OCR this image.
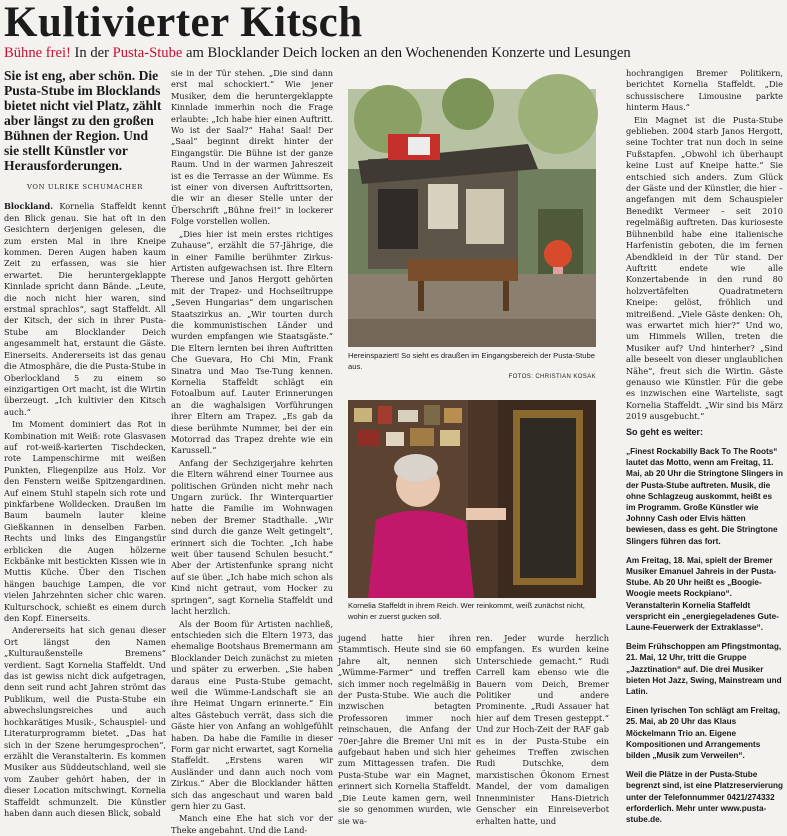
Kultivierter Kitsch
Bühne frei! In der Pusta-Stube am Blocklander Deich locken an den Wochenenden Konzerte und Lesungen
Sie ist eng, aber schön. Die Pusta-Stube im Blocklands bietet nicht viel Platz, zählt aber längst zu den großen Bühnen der Region. Und sie stellt Künstler vor Herausforderungen.
VON ULRIKE SCHUMACHER

Blockland. Kornelia Staffeldt kennt den Blick genau. Sie hat oft in den Gesichtern derjenigen gelesen, die zum ersten Mal in ihre Kneipe kommen. Deren Augen haben kaum Zeit zu erfassen, was sie hier erwartet. Die heruntergeklappte Kinnlade spricht dann Bände. „Leute, die noch nicht hier waren, sind erstmal sprachlos“, sagt Staffeldt. All der Kitsch, der sich in ihrer Pusta-Stube am Blocklander Deich angesammelt hat, erstaunt die Gäste. Einerseits. Andererseits ist das genau die Atmosphäre, die die Pusta-Stube in Oberlockland 5 zu einem so einzigartigen Ort macht, ist die Wirtin überzeugt. „Ich kultivier den Kitsch auch.“

Im Moment dominiert das Rot in Kombination mit Weiß: rote Glasvasen auf rot-weiß-karierten Tischdecken, rote Lampenschirme mit weißen Punkten, Fliegenpilze aus Holz. Vor den Fenstern weiße Spitzengardinen. Auf einem Stuhl stapeln sich rote und pinkfarbene Wolldecken. Draußen im Baum baumeln lauter kleine Gießkannen in denselben Farben. Rechts und links des Eingangstür erblicken die Augen hölzerne Eckbänke mit bestickten Kissen wie in Muttis Küche. Über den Tischen hängen bauchige Lampen, die vor vielen Jahrzehnten sicher chic waren. Kulturschock, schießt es einem durch den Kopf. Einerseits.

Andererseits hat sich genau dieser Ort längst den Namen „Kulturaußenstelle Bremens“ verdient. Sagt Kornelia Staffeldt. Und das ist gewiss nicht dick aufgetragen, denn seit rund acht Jahren strömt das Publikum, weil die Pusta-Stube ein abwechslungsreiches und auch hochkarätiges Musik-, Schauspiel- und Literaturprogramm bietet. „Das hat sich in der Szene herumgesprochen“, erzählt die Veranstalterin. Es kommen Musiker aus Süddeutschland, weil sie vom Zauber gehört haben, der in dieser Location mitschwingt. Kornelia Staffeldt schmunzelt. Die Künstler haben dann auch diesen Blick, sobald

sie in der Tür stehen. „Die sind dann erst mal schockiert.“ Wie jener Musiker, dem die heruntergeklappte Kinnlade immerhin noch die Frage erlaubte: „Ich habe hier einen Auftritt. Wo ist der Saal?“ Haha! Saal! Der „Saal“ beginnt direkt hinter der Eingangstür. Die Bühne ist der ganze Raum. Und in der warmen Jahreszeit ist es die Terrasse an der Wümme. Es ist einer von diversen Auftrittsorten, die wir an dieser Stelle unter der Überschrift „Bühne frei!“ in lockerer Folge vorstellen wollen.

„Dies hier ist mein erstes richtiges Zuhause“, erzählt die 57-Jährige, die in einer Familie berühmter Zirkus-Artisten aufgewachsen ist. Ihre Eltern Therese und Janos Hergott gehörten mit der Trapez- und Hochseiltruppe „Seven Hungarias“ dem ungarischen Staatszirkus an. „Wir tourten durch die kommunistischen Länder und wurden empfangen wie Staatsgäste.“ Die Eltern lernten bei ihren Auftritten Che Guevara, Ho Chi Min, Frank Sinatra und Mao Tse-Tung kennen. Kornelia Staffeldt schlägt ein Fotoalbum auf. Lauter Erinnerungen an die waghalsigen Vorführungen ihrer Eltern am Trapez. „Es gab da diese berühmte Nummer, bei der ein Motorrad das Trapez drehte wie ein Karussell.“

Anfang der Sechzigerjahre kehrten die Eltern während einer Tournee aus politischen Gründen nicht mehr nach Ungarn zurück. Ihr Winterquartier hatte die Familie im Wohnwagen neben der Bremer Stadthalle. „Wir sind durch die ganze Welt getingelt“, erinnert sich die Tochter. „Ich habe weit über tausend Schulen besucht.“ Aber der Artistenfunke sprang nicht auf sie über. „Ich habe mich schon als Kind nicht getraut, vom Hocker zu springen“, sagt Kornelia Staffeldt und lacht herzlich.

Als der Boom für Artisten nachließ, entschieden sich die Eltern 1973, das ehemalige Bootshaus Bremermann am Blocklander Deich zunächst zu mieten und später zu erwerben. „Sie haben daraus eine Pusta-Stube gemacht, weil die Wümme-Landschaft sie an ihre Heimat Ungarn erinnerte.“ Ein altes Gästebuch verrät, dass sich die Gäste hier von Anfang an wohlgefühlt haben. Da habe die Familie in dieser Form gar nicht erwartet, sagt Kornelia Staffeldt. „Erstens waren wir Ausländer und dann auch noch vom Zirkus.“ Aber die Blocklander hätten sich das angeschaut und waren bald gern hier zu Gast.

Manch eine Ehe hat sich vor der Theke angebahnt. Und die Land-

Hereinspaziert! So sieht es draußen im Eingangsbereich der Pusta-Stube aus.
FOTOS: CHRISTIAN KOSAK
Kornelia Staffeldt in ihrem Reich. Wer reinkommt, weiß zunächst nicht, wohin er zuerst gucken soll.

jugend hatte hier ihren Stammtisch. Heute sind sie 60 Jahre alt, nennen sich „Wümme-Farmer“ und treffen sich immer noch regelmäßig in der Pusta-Stube. Wie auch die inzwischen betagten Professoren immer noch reinschauen, die Anfang der 70er-Jahre die Bremer Uni mit aufgebaut haben und sich hier zum Mittagessen trafen. Die Pusta-Stube war ein Magnet, erinnert sich Kornelia Staffeldt. „Die Leute kamen gern, weil sie so genommen wurden, wie sie wa-

ren. Jeder wurde herzlich empfangen. Es wurden keine Unterschiede gemacht.“ Rudi Carrell kam ebenso wie die Bauern vom Deich, Bremer Politiker und andere Prominente. „Rudi Assauer hat hier auf dem Tresen gesteppt.“ Und zur Hoch-Zeit der RAF gab es in der Pusta-Stube ein geheimes Treffen zwischen Rudi Dutschke, dem marxistischen Ökonom Ernest Mandel, der vom damaligen Innenminister Hans-Dietrich Genscher ein Einreiseverbot erhalten hatte, und

hochrangigen Bremer Politikern, berichtet Kornelia Staffeldt. „Die schussischere Limousine parkte hinterm Haus.“

Ein Magnet ist die Pusta-Stube geblieben. 2004 starb Janos Hergott, seine Tochter trat nun doch in seine Fußstapfen. „Obwohl ich überhaupt keine Lust auf Kneipe hatte.“ Sie entschied sich anders. Zum Glück der Gäste und der Künstler, die hier – angefangen mit dem Schauspieler Benedikt Vermeer – seit 2010 regelmäßig auftreten. Das kurioseste Bühnenbild habe eine italienische Harfenistin geboten, die im fernen Abendkleid in der Tür stand. Der Auftritt endete wie alle Konzertabende in den rund 80 holzvertäfelten Quadratmetern Kneipe: gelöst, fröhlich und mitreißend. „Viele Gäste denken: Oh, was erwartet mich hier?“ Und wo, um Himmels Willen, treten die Musiker auf? Und hinterher? „Sind alle beseelt von dieser unglaublichen Nähe“, freut sich die Wirtin. Gäste genauso wie Künstler. Für die gebe es inzwischen eine Warteliste, sagt Kornelia Staffeldt. „Wir sind bis März 2019 ausgebucht.“

So geht es weiter:

„Finest Rockabilly Back To The Roots“ lautet das Motto, wenn am Freitag, 11. Mai, ab 20 Uhr die Stringtone Slingers in der Pusta-Stube auftreten. Musik, die ohne Schlagzeug auskommt, heißt es im Programm. Große Künstler wie Johnny Cash oder Elvis hätten bewiesen, dass es geht. Die Stringtone Slingers führen das fort.

Am Freitag, 18. Mai, spielt der Bremer Musiker Emanuel Jahreis in der Pusta-Stube. Ab 20 Uhr heißt es „Boogie-Woogie meets Rockpiano“. Veranstalterin Kornelia Staffeldt verspricht ein „energiegeladenes Gute-Laune-Feuerwerk der Extraklasse“.

Beim Frühschoppen am Pfingstmontag, 21. Mai, 12 Uhr, tritt die Gruppe „Jazztination“ auf. Die drei Musiker bieten Hot Jazz, Swing, Mainstream und Latin.

Einen lyrischen Ton schlägt am Freitag, 25. Mai, ab 20 Uhr das Klaus Möckelmann Trio an. Eigene Kompositionen und Arrangements bilden „Musik zum Verweilen“.

Weil die Plätze in der Pusta-Stube begrenzt sind, ist eine Platzreservierung unter der Telefonnummer 0421/274332 erforderlich. Mehr unter www.pusta-stube.de.
